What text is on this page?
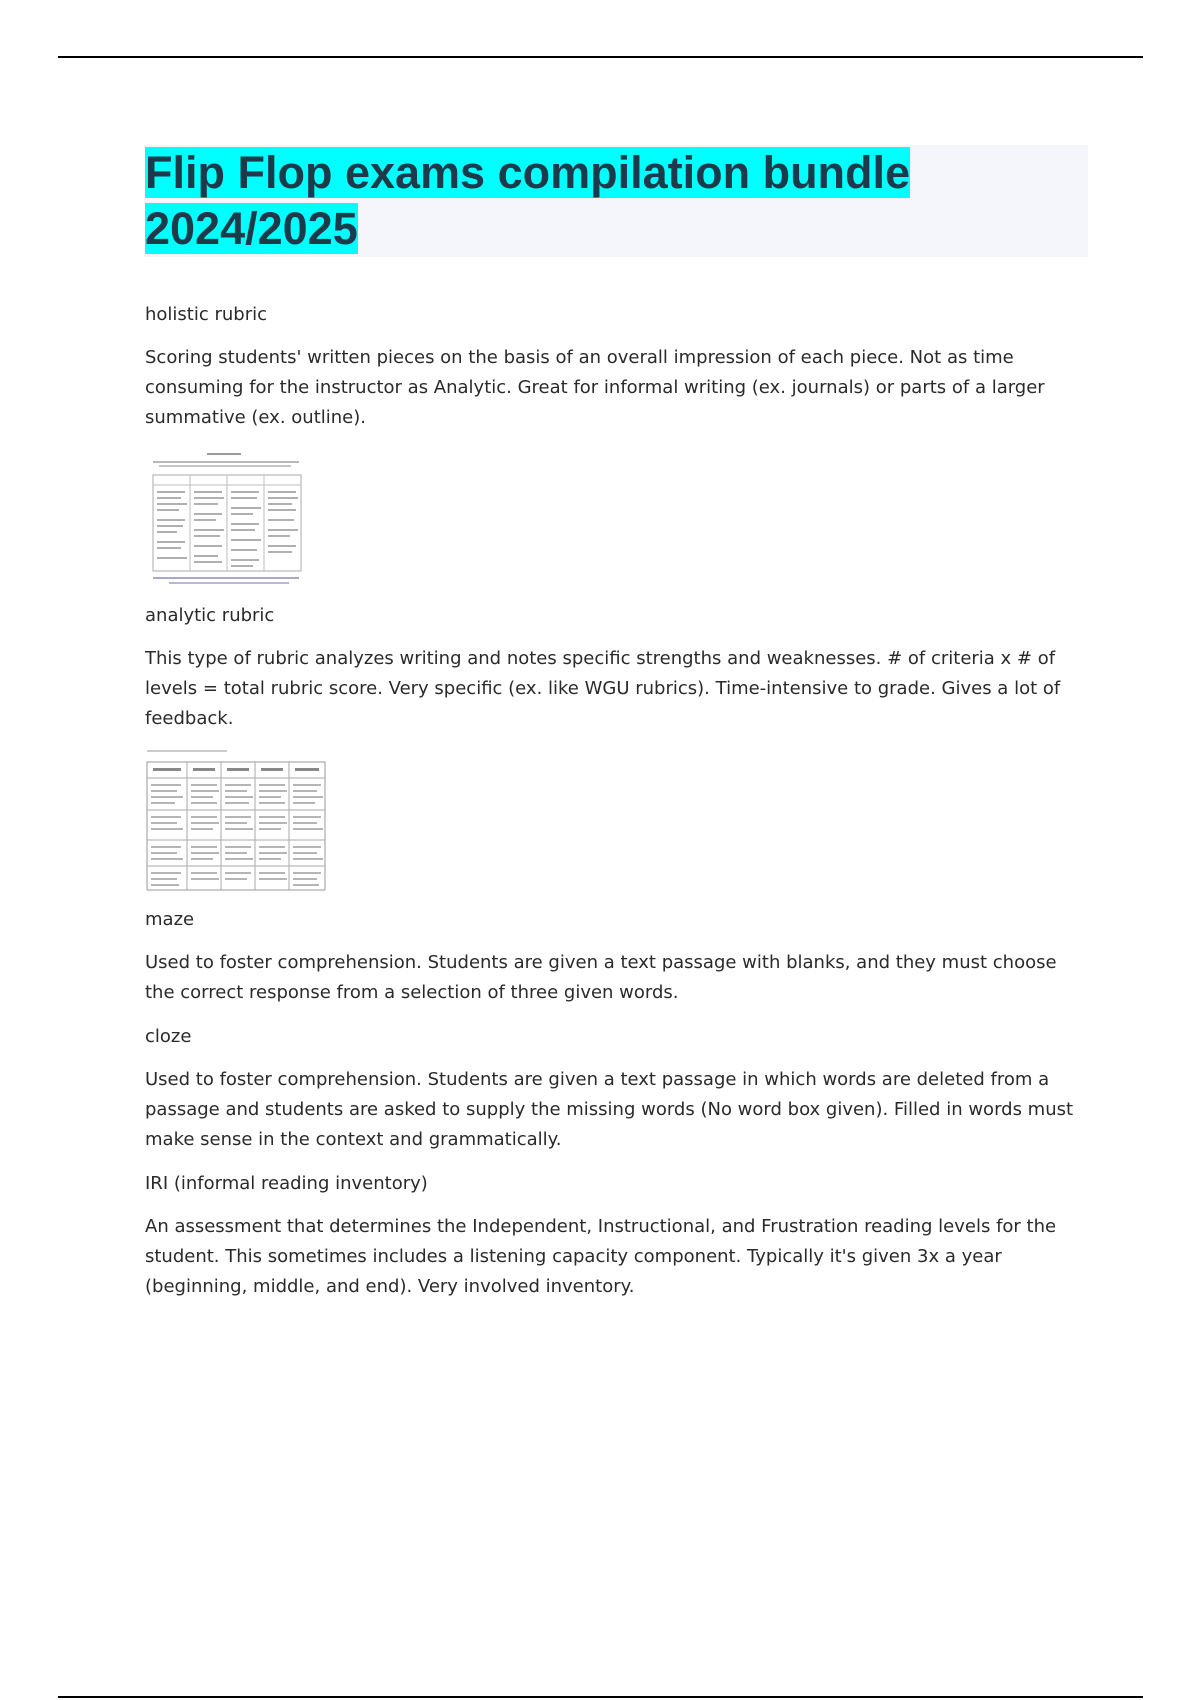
Flip Flop exams compilation bundle 2024/2025

holistic rubric

Scoring students' written pieces on the basis of an overall impression of each piece. Not as time consuming for the instructor as Analytic. Great for informal writing (ex. journals) or parts of a larger summative (ex. outline).

analytic rubric

This type of rubric analyzes writing and notes specific strengths and weaknesses. # of criteria x # of levels = total rubric score. Very specific (ex. like WGU rubrics). Time-intensive to grade. Gives a lot of feedback.

maze

Used to foster comprehension. Students are given a text passage with blanks, and they must choose the correct response from a selection of three given words.

cloze

Used to foster comprehension. Students are given a text passage in which words are deleted from a passage and students are asked to supply the missing words (No word box given). Filled in words must make sense in the context and grammatically.

IRI (informal reading inventory)

An assessment that determines the Independent, Instructional, and Frustration reading levels for the student. This sometimes includes a listening capacity component. Typically it's given 3x a year (beginning, middle, and end). Very involved inventory.
